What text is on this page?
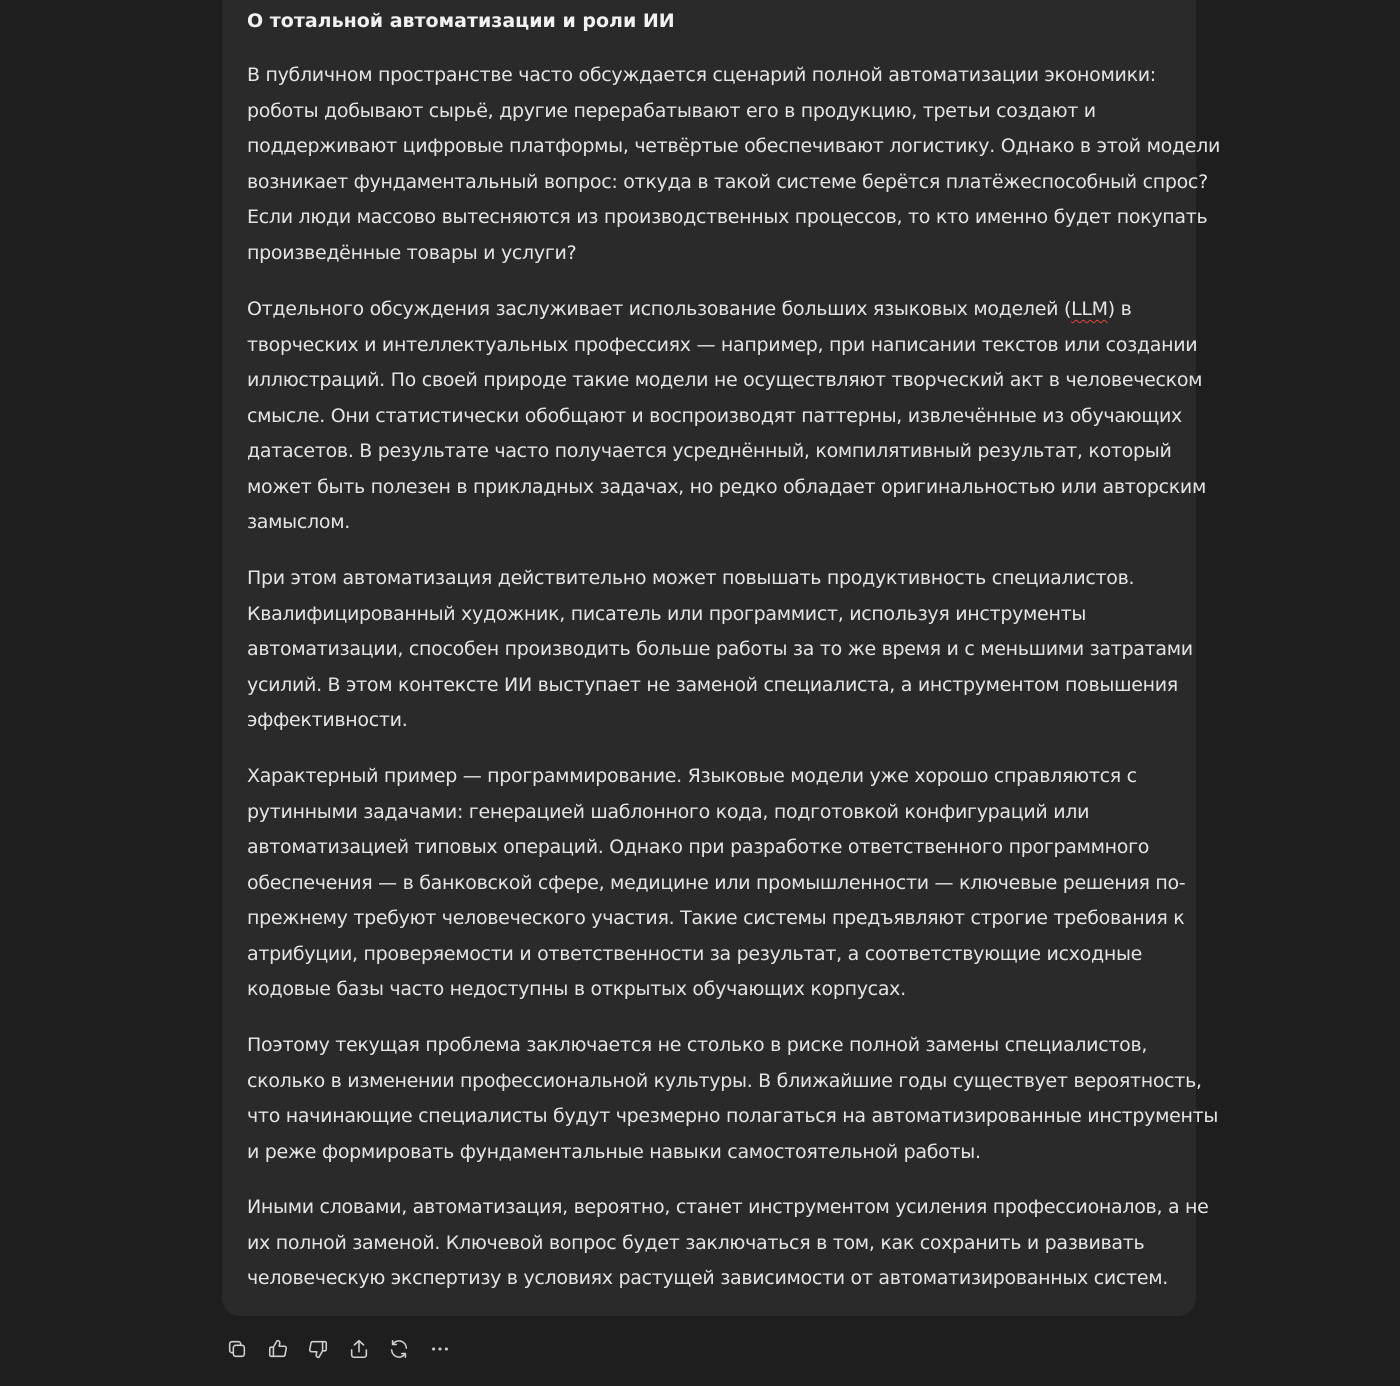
О тотальной автоматизации и роли ИИ

В публичном пространстве часто обсуждается сценарий полной автоматизации экономики:
роботы добывают сырьё, другие перерабатывают его в продукцию, третьи создают и
поддерживают цифровые платформы, четвёртые обеспечивают логистику. Однако в этой модели
возникает фундаментальный вопрос: откуда в такой системе берётся платёжеспособный спрос?
Если люди массово вытесняются из производственных процессов, то кто именно будет покупать
произведённые товары и услуги?

Отдельного обсуждения заслуживает использование больших языковых моделей (LLM) в
творческих и интеллектуальных профессиях — например, при написании текстов или создании
иллюстраций. По своей природе такие модели не осуществляют творческий акт в человеческом
смысле. Они статистически обобщают и воспроизводят паттерны, извлечённые из обучающих
датасетов. В результате часто получается усреднённый, компилятивный результат, который
может быть полезен в прикладных задачах, но редко обладает оригинальностью или авторским
замыслом.

При этом автоматизация действительно может повышать продуктивность специалистов.
Квалифицированный художник, писатель или программист, используя инструменты
автоматизации, способен производить больше работы за то же время и с меньшими затратами
усилий. В этом контексте ИИ выступает не заменой специалиста, а инструментом повышения
эффективности.

Характерный пример — программирование. Языковые модели уже хорошо справляются с
рутинными задачами: генерацией шаблонного кода, подготовкой конфигураций или
автоматизацией типовых операций. Однако при разработке ответственного программного
обеспечения — в банковской сфере, медицине или промышленности — ключевые решения по-
прежнему требуют человеческого участия. Такие системы предъявляют строгие требования к
атрибуции, проверяемости и ответственности за результат, а соответствующие исходные
кодовые базы часто недоступны в открытых обучающих корпусах.

Поэтому текущая проблема заключается не столько в риске полной замены специалистов,
сколько в изменении профессиональной культуры. В ближайшие годы существует вероятность,
что начинающие специалисты будут чрезмерно полагаться на автоматизированные инструменты
и реже формировать фундаментальные навыки самостоятельной работы.

Иными словами, автоматизация, вероятно, станет инструментом усиления профессионалов, а не
их полной заменой. Ключевой вопрос будет заключаться в том, как сохранить и развивать
человеческую экспертизу в условиях растущей зависимости от автоматизированных систем.
